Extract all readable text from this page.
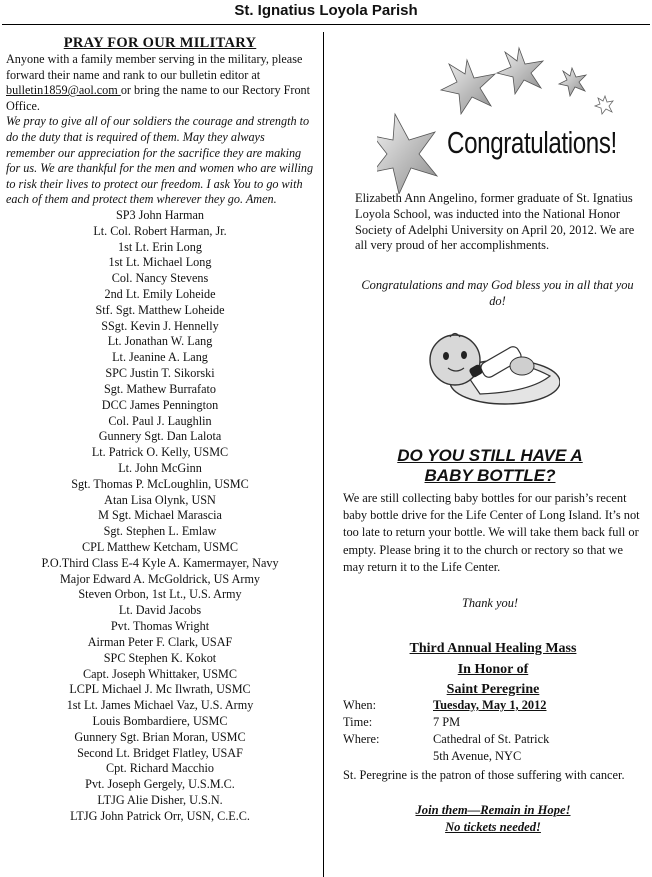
St. Ignatius Loyola Parish
PRAY FOR OUR MILITARY

Anyone with a family member serving in the military, please forward their name and rank to our bulletin editor at bulletin1859@aol.com or bring the name to our Rectory Front Office.

We pray to give all of our soldiers the courage and strength to do the duty that is required of them. May they always remember our appreciation for the sacrifice they are making for us. We are thankful for the men and women who are willing to risk their lives to protect our freedom. I ask You to go with each of them and protect them wherever they go. Amen.

SP3 John Harman
Lt. Col. Robert Harman, Jr.
1st Lt. Erin Long
1st Lt. Michael Long
Col. Nancy Stevens
2nd Lt. Emily Loheide
Stf. Sgt. Matthew Loheide
SSgt. Kevin J. Hennelly
Lt. Jonathan W. Lang
Lt. Jeanine A. Lang
SPC Justin T. Sikorski
Sgt. Mathew Burrafato
DCC James Pennington
Col. Paul J. Laughlin
Gunnery Sgt. Dan Lalota
Lt. Patrick O. Kelly, USMC
Lt. John McGinn
Sgt. Thomas P. McLoughlin, USMC
Atan Lisa Olynk, USN
M Sgt. Michael Marascia
Sgt. Stephen L. Emlaw
CPL Matthew Ketcham, USMC
P.O.Third Class E-4 Kyle A. Kamermayer, Navy
Major Edward A. McGoldrick, US Army
Steven Orbon, 1st Lt., U.S. Army
Lt. David Jacobs
Pvt. Thomas Wright
Airman Peter F. Clark, USAF
SPC Stephen K. Kokot
Capt. Joseph Whittaker, USMC
LCPL Michael J. Mc Ilwrath, USMC
1st Lt. James Michael Vaz, U.S. Army
Louis Bombardiere, USMC
Gunnery Sgt. Brian Moran, USMC
Second Lt. Bridget Flatley, USAF
Cpt. Richard Macchio
Pvt. Joseph Gergely, U.S.M.C.
LTJG Alie Disher, U.S.N.
LTJG John Patrick Orr, USN, C.E.C.
Congratulations!

Elizabeth Ann Angelino, former graduate of St. Ignatius Loyola School, was inducted into the National Honor Society of Adelphi University on April 20, 2012. We are all very proud of her accomplishments.

Congratulations and may God bless you in all that you do!

DO YOU STILL HAVE A
BABY BOTTLE?

We are still collecting baby bottles for our parish’s recent baby bottle drive for the Life Center of Long Island. It’s not too late to return your bottle. We will take them back full or empty. Please bring it to the church or rectory so that we may return it to the Life Center.

Thank you!

Third Annual Healing Mass
In Honor of
Saint Peregrine

When:	Tuesday, May 1, 2012
Time:	7 PM
Where:	Cathedral of St. Patrick
5th Avenue, NYC

St. Peregrine is the patron of those suffering with cancer.

Join them—Remain in Hope!
No tickets needed!
